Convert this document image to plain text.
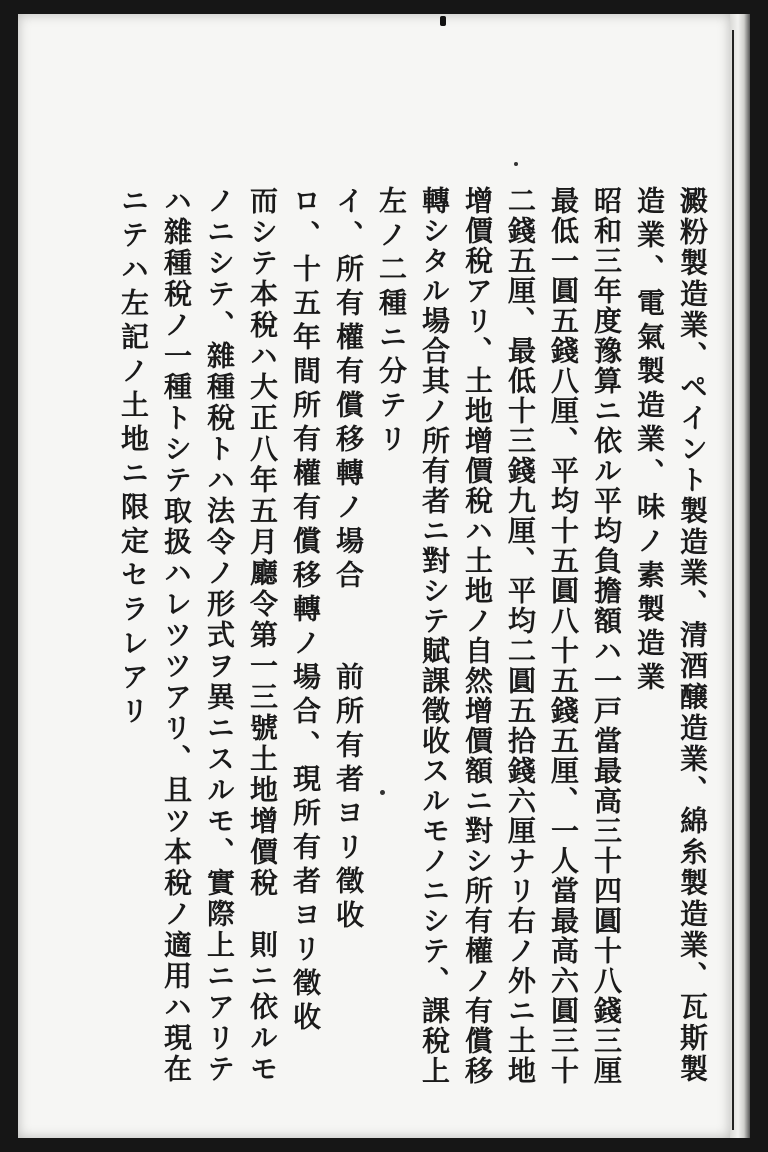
澱粉製造業、ペイント製造業、清酒醸造業、綿糸製造業、瓦斯製
造業、電氣製造業、味ノ素製造業
昭和三年度豫算ニ依ル平均負擔額ハ一戸當最高三十四圓十八錢三厘
最低一圓五錢八厘、平均十五圓八十五錢五厘、一人當最高六圓三十
二錢五厘、最低十三錢九厘、平均二圓五拾錢六厘ナリ右ノ外ニ土地
增價稅アリ、土地增價稅ハ土地ノ自然增價額ニ對シ所有權ノ有償移
轉シタル場合其ノ所有者ニ對シテ賦課徵收スルモノニシテ、課稅上
左ノ二種ニ分テリ
イ、所有權有償移轉ノ場合　　前所有者ヨリ徵收
ロ、十五年間所有權有償移轉ノ場合、現所有者ヨリ徵收
而シテ本稅ハ大正八年五月廳令第一三號土地增價稅　則ニ依ルモ
ノニシテ、雜種稅トハ法令ノ形式ヲ異ニスルモ、實際上ニアリテ
ハ雜種稅ノ一種トシテ取扱ハレツツアリ、且ツ本稅ノ適用ハ現在
ニテハ左記ノ土地ニ限定セラレアリ
